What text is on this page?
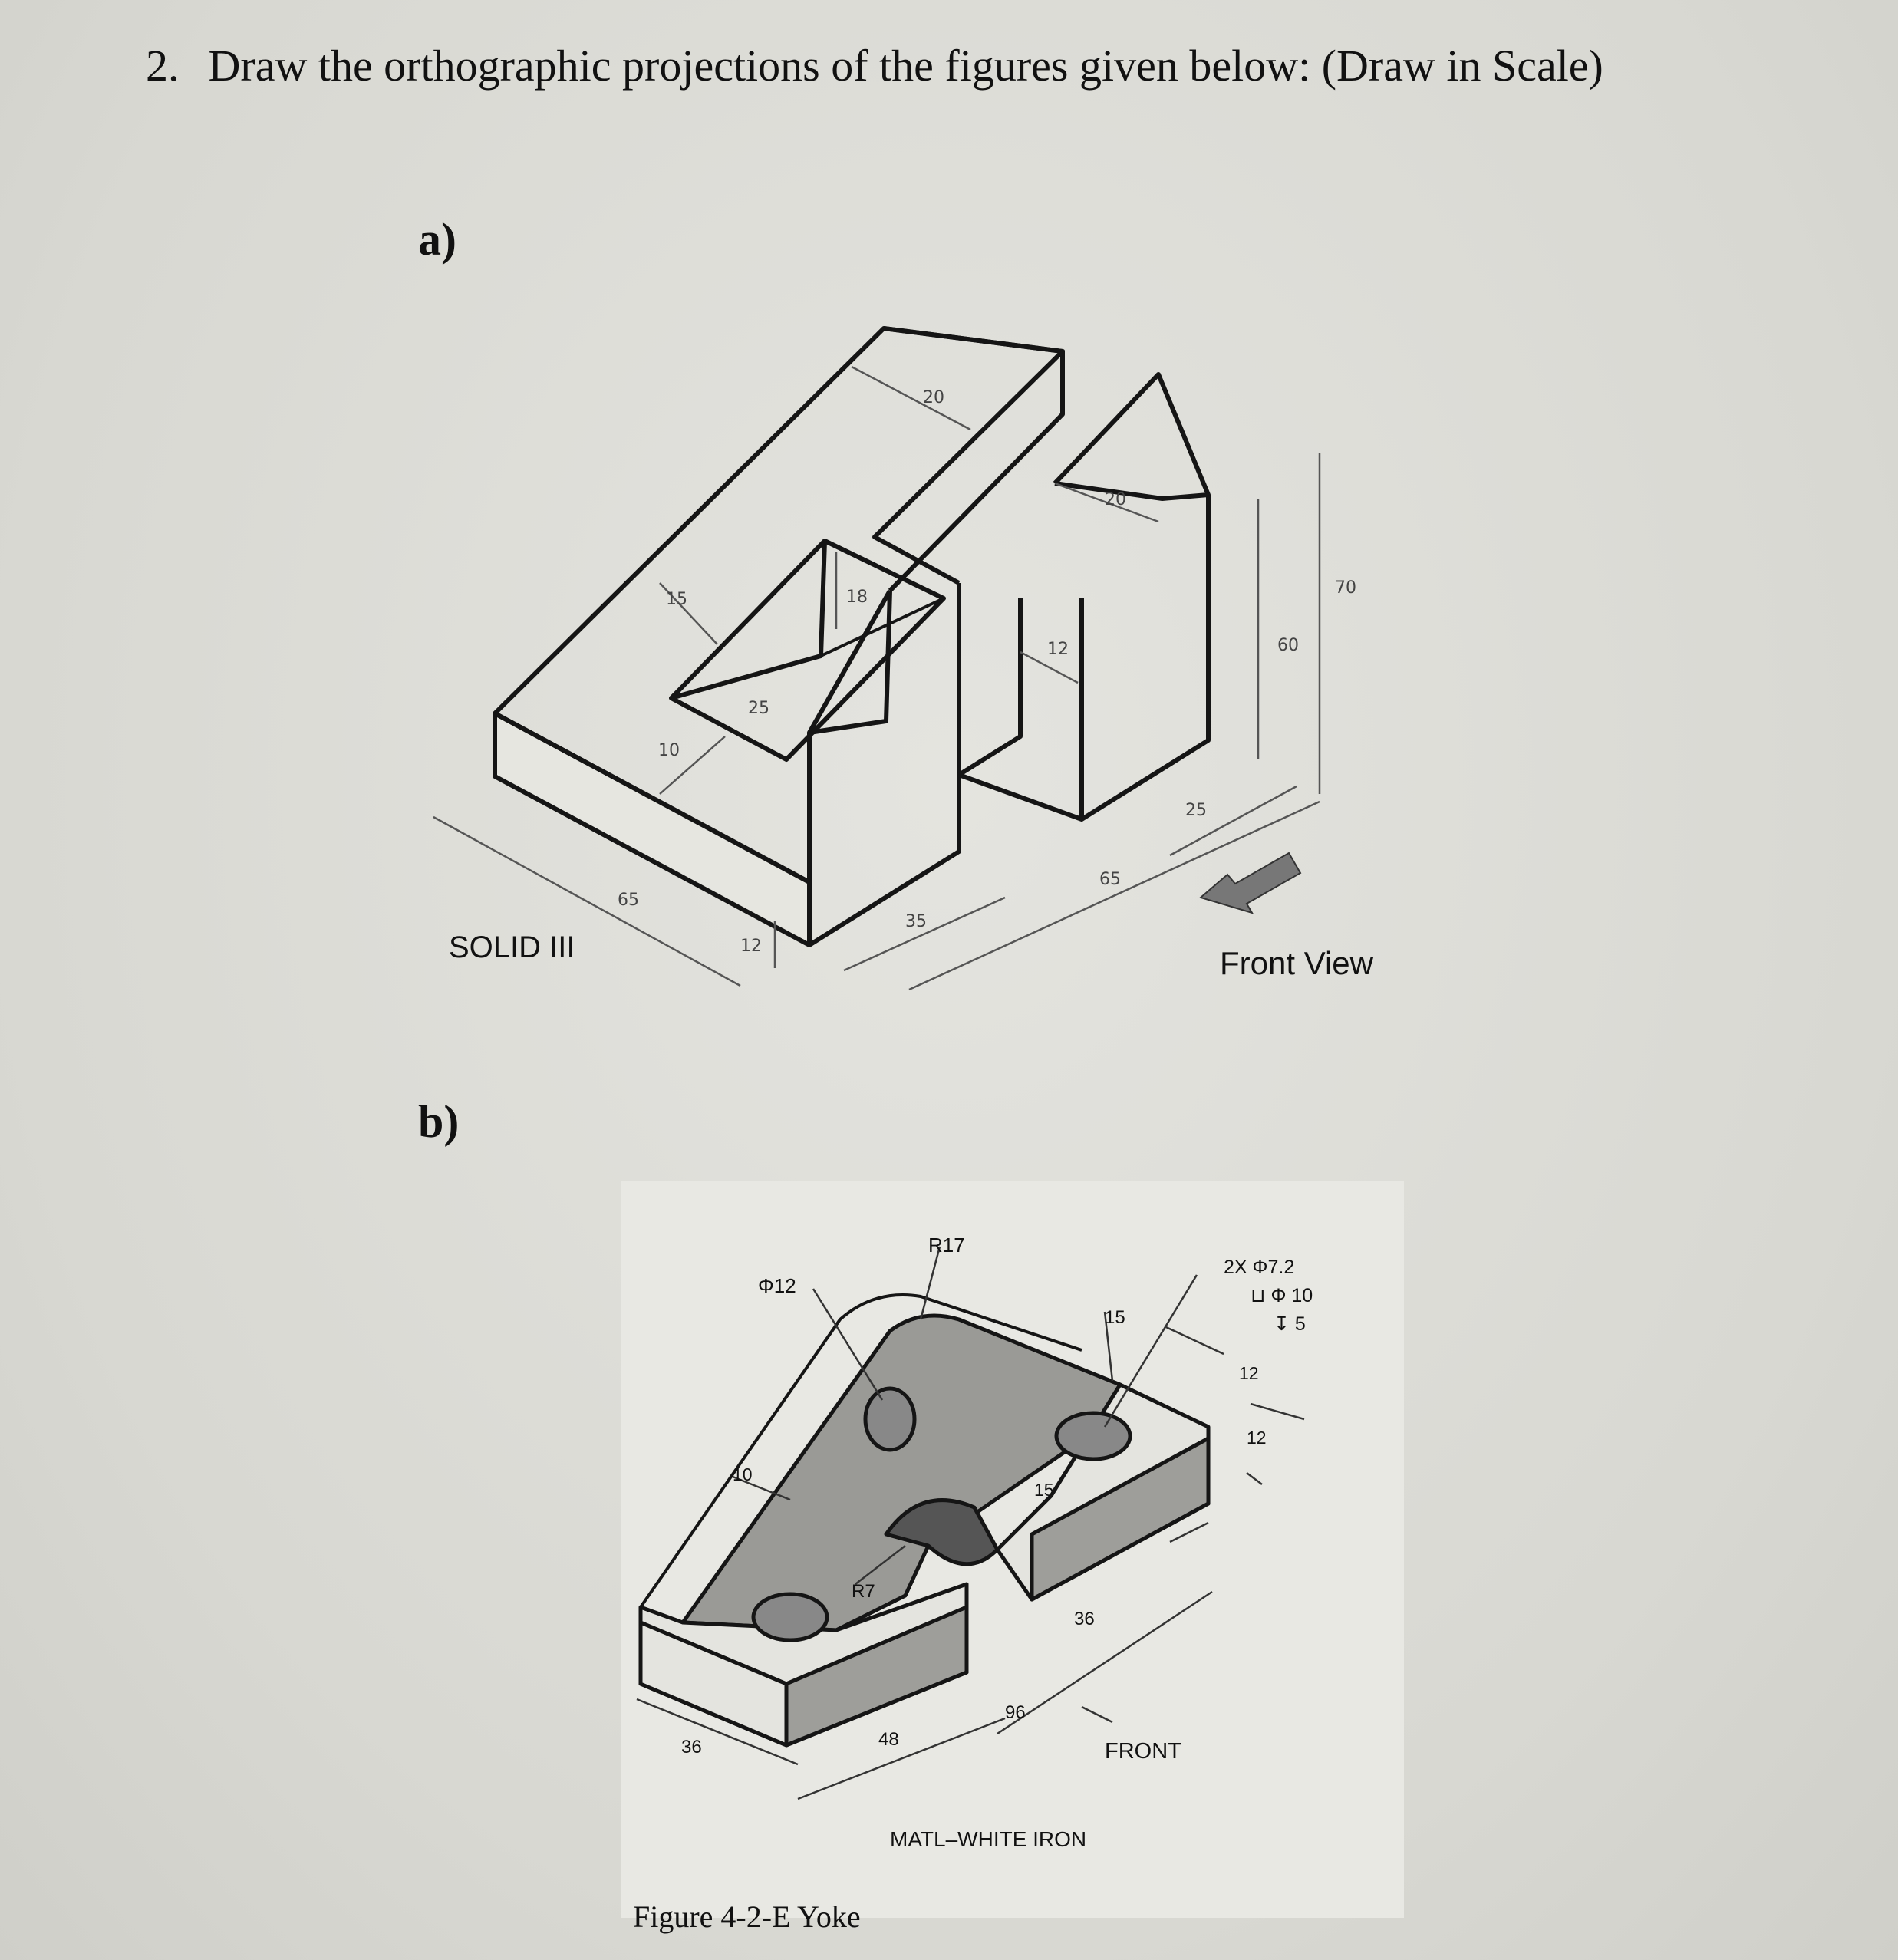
2. Draw the orthographic projections of the figures given below: (Draw in Scale)
a)
b)
20
15	18
25
10
20
12	60
70
25
65
12
35
65
SOLID III	Front View
R17
Φ12
2X Φ7.2
⊔ Φ 10
↧ 5
15
12
12
10
15
R7
36
96
48
36	FRONT
MATL–WHITE IRON
Figure 4-2-E Yoke
